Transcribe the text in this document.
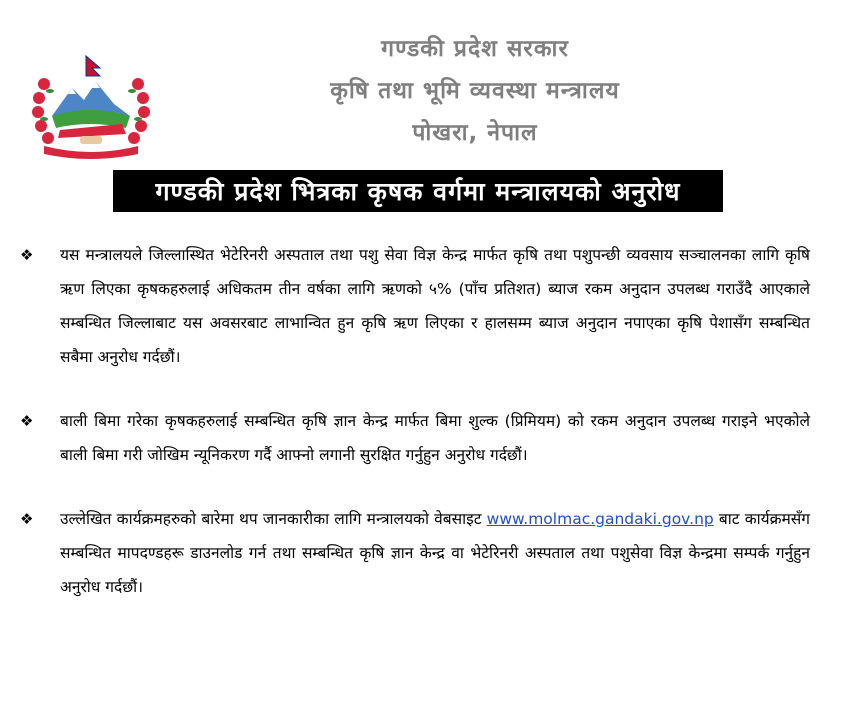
गण्डकी प्रदेश सरकार
कृषि तथा भूमि व्यवस्था मन्त्रालय
पोखरा, नेपाल
गण्डकी प्रदेश भित्रका कृषक वर्गमा मन्त्रालयको अनुरोध
❖	यस मन्त्रालयले जिल्लास्थित भेटेरिनरी अस्पताल तथा पशु सेवा विज्ञ केन्द्र मार्फत कृषि तथा पशुपन्छी व्यवसाय सञ्चालनका लागि कृषि ऋण लिएका कृषकहरुलाई अधिकतम तीन वर्षका लागि ऋणको ५% (पाँच प्रतिशत) ब्याज रकम अनुदान उपलब्ध गराउँदै आएकाले सम्बन्धित जिल्लाबाट यस अवसरबाट लाभान्वित हुन कृषि ऋण लिएका र हालसम्म ब्याज अनुदान नपाएका कृषि पेशासँग सम्बन्धित सबैमा अनुरोध गर्दछौं।
❖	बाली बिमा गरेका कृषकहरुलाई सम्बन्धित कृषि ज्ञान केन्द्र मार्फत बिमा शुल्क (प्रिमियम) को रकम अनुदान उपलब्ध गराइने भएकोले बाली बिमा गरी जोखिम न्यूनिकरण गर्दै आफ्नो लगानी सुरक्षित गर्नुहुन अनुरोध गर्दछौं।
❖	उल्लेखित कार्यक्रमहरुको बारेमा थप जानकारीका लागि मन्त्रालयको वेबसाइट www.molmac.gandaki.gov.np बाट कार्यक्रमसँग सम्बन्धित मापदण्डहरू डाउनलोड गर्न तथा सम्बन्धित कृषि ज्ञान केन्द्र वा भेटेरिनरी अस्पताल तथा पशुसेवा विज्ञ केन्द्रमा सम्पर्क गर्नुहुन अनुरोध गर्दछौं।
